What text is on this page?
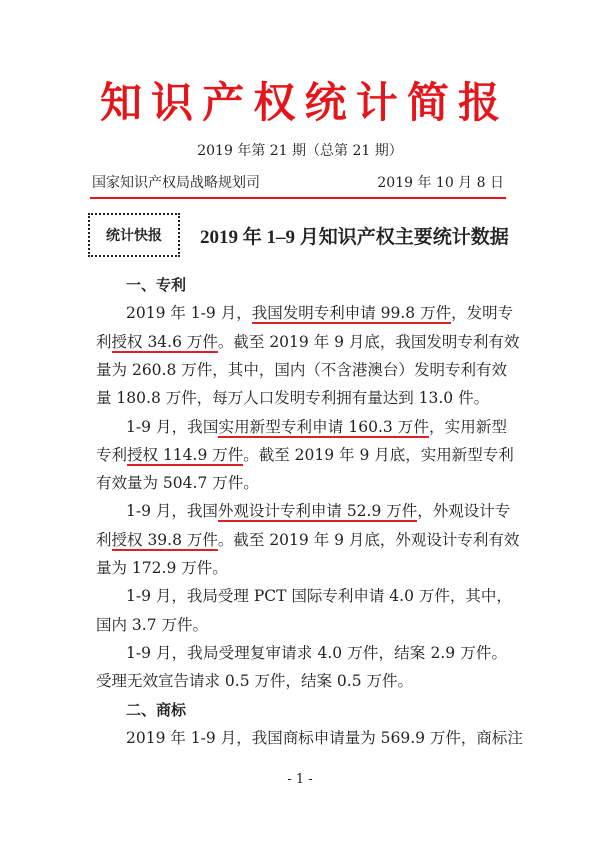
知识产权统计简报
2019 年第 21 期（总第 21 期）
国家知识产权局战略规划司	2019 年 10 月 8 日
统计快报 2019 年 1–9 月知识产权主要统计数据
一、专利
2019 年 1-9 月，我国发明专利申请 99.8 万件，发明专
利授权 34.6 万件。截至 2019 年 9 月底，我国发明专利有效
量为 260.8 万件，其中，国内（不含港澳台）发明专利有效
量 180.8 万件，每万人口发明专利拥有量达到 13.0 件。
1-9 月，我国实用新型专利申请 160.3 万件，实用新型
专利授权 114.9 万件。截至 2019 年 9 月底，实用新型专利
有效量为 504.7 万件。
1-9 月，我国外观设计专利申请 52.9 万件，外观设计专
利授权 39.8 万件。截至 2019 年 9 月底，外观设计专利有效
量为 172.9 万件。
1-9 月，我局受理 PCT 国际专利申请 4.0 万件，其中，
国内 3.7 万件。
1-9 月，我局受理复审请求 4.0 万件，结案 2.9 万件。
受理无效宣告请求 0.5 万件，结案 0.5 万件。
二、商标
2019 年 1-9 月，我国商标申请量为 569.9 万件，商标注
- 1 -
